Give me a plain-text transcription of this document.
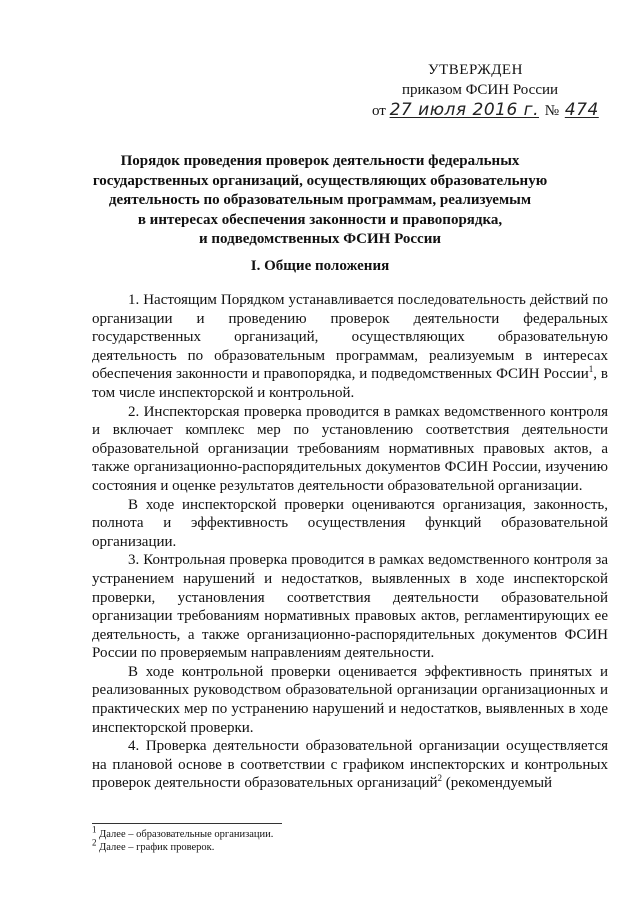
УТВЕРЖДЕН
приказом ФСИН России
от 27 июля 2016 г. № 474
Порядок проведения проверок деятельности федеральных
государственных организаций, осуществляющих образовательную
деятельность по образовательным программам, реализуемым
в интересах обеспечения законности и правопорядка,
и подведомственных ФСИН России
I. Общие положения

1. Настоящим Порядком устанавливается последовательность действий по организации и проведению проверок деятельности федеральных государственных организаций, осуществляющих образовательную деятельность по образовательным программам, реализуемым в интересах обеспечения законности и правопорядка, и подведомственных ФСИН России$^1$, в том числе инспекторской и контрольной.

2. Инспекторская проверка проводится в рамках ведомственного контроля и включает комплекс мер по установлению соответствия деятельности образовательной организации требованиям нормативных правовых актов, а также организационно-распорядительных документов ФСИН России, изучению состояния и оценке результатов деятельности образовательной организации.

В ходе инспекторской проверки оцениваются организация, законность, полнота и эффективность осуществления функций образовательной организации.

3. Контрольная проверка проводится в рамках ведомственного контроля за устранением нарушений и недостатков, выявленных в ходе инспекторской проверки, установления соответствия деятельности образовательной организации требованиям нормативных правовых актов, регламентирующих ее деятельность, а также организационно-распорядительных документов ФСИН России по проверяемым направлениям деятельности.

В ходе контрольной проверки оценивается эффективность принятых и реализованных руководством образовательной организации организационных и практических мер по устранению нарушений и недостатков, выявленных в ходе инспекторской проверки.

4. Проверка деятельности образовательной организации осуществляется на плановой основе в соответствии с графиком инспекторских и контрольных проверок деятельности образовательных организаций$^2$ (рекомендуемый

$^1$ Далее – образовательные организации.
$^2$ Далее – график проверок.
